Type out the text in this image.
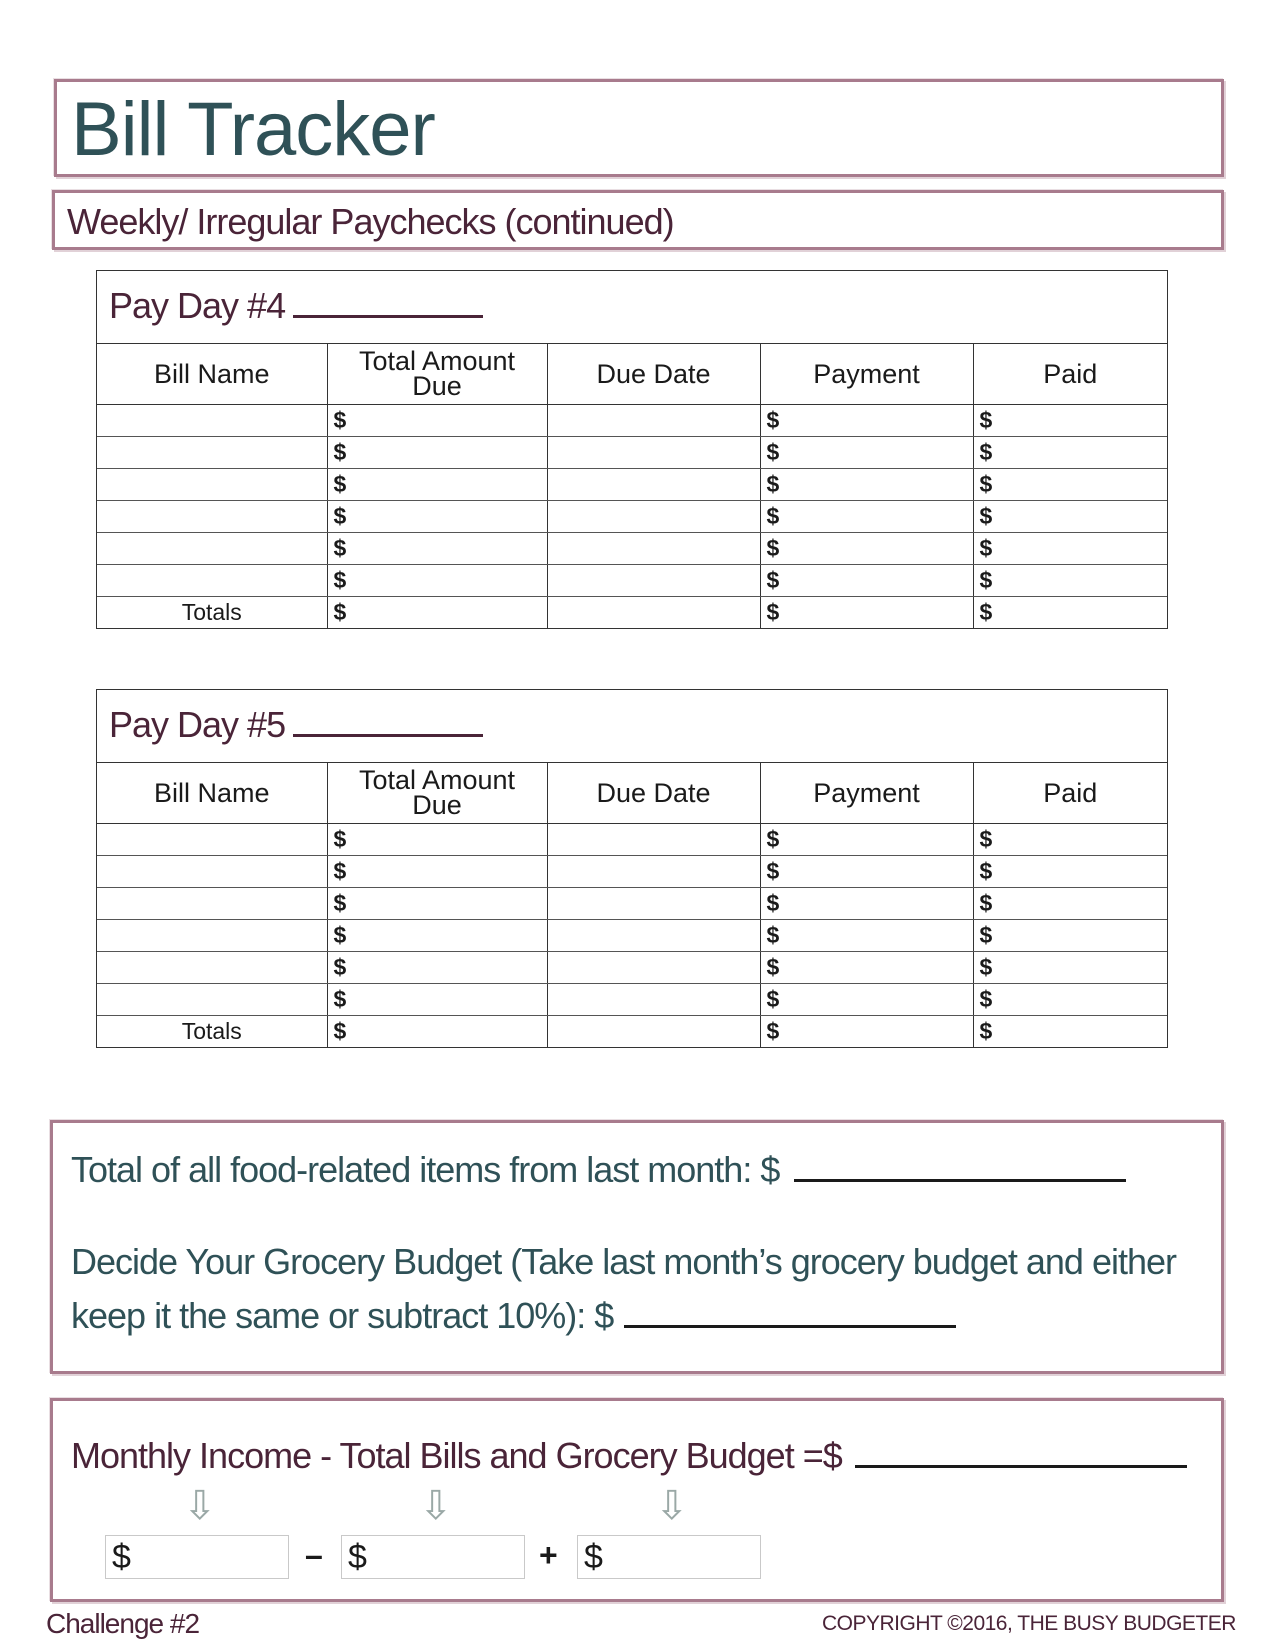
Bill Tracker
Weekly/ Irregular Paychecks (continued)
Pay Day #4
Bill Name	Total Amount Due	Due Date	Payment	Paid
	$		$	$
	$		$	$
	$		$	$
	$		$	$
	$		$	$
	$		$	$
Totals	$		$	$
Pay Day #5
Bill Name	Total Amount Due	Due Date	Payment	Paid
	$		$	$
	$		$	$
	$		$	$
	$		$	$
	$		$	$
	$		$	$
Totals	$		$	$
Total of all food-related items from last month: $
Decide Your Grocery Budget (Take last month’s grocery budget and either
keep it the same or subtract 10%): $
Monthly Income - Total Bills and Grocery Budget =$
⇩	⇩	⇩
$	– $	+ $
Challenge #2	COPYRIGHT ©2016, THE BUSY BUDGETER
